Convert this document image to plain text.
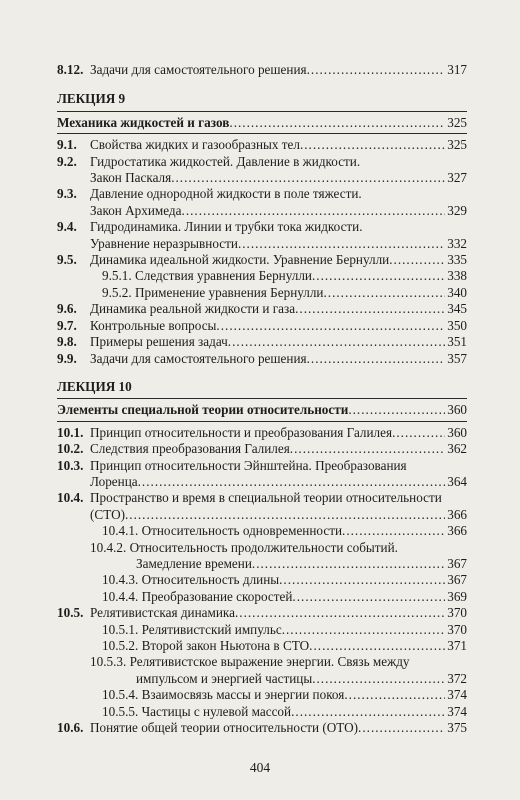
8.12. Задачи для самостоятельного решения .....	317
ЛЕКЦИЯ 9
Механика жидкостей и газов .....	325
9.1.	Свойства жидких и газообразных тел .....	325
9.2.	Гидростатика жидкостей. Давление в жидкости.
Закон Паскаля .....	327
9.3.	Давление однородной жидкости в поле тяжести.
Закон Архимеда .....	329
9.4.	Гидродинамика. Линии и трубки тока жидкости.
Уравнение неразрывности .....	332
9.5.	Динамика идеальной жидкости. Уравнение Бернулли .....	335
9.5.1. Следствия уравнения Бернулли .....	338
9.5.2. Применение уравнения Бернулли .....	340
9.6.	Динамика реальной жидкости и газа .....	345
9.7.	Контрольные вопросы .....	350
9.8.	Примеры решения задач .....	351
9.9.	Задачи для самостоятельного решения .....	357
ЛЕКЦИЯ 10
Элементы специальной теории относительности .....	360
10.1. Принцип относительности и преобразования Галилея .....	360
10.2. Следствия преобразования Галилея .....	362
10.3. Принцип относительности Эйнштейна. Преобразования
Лоренца .....	364
10.4. Пространство и время в специальной теории относительности
(СТО) .....	366
10.4.1. Относительность одновременности .....	366
10.4.2. Относительность продолжительности событий.
Замедление времени .....	367
10.4.3. Относительность длины .....	367
10.4.4. Преобразование скоростей .....	369
10.5. Релятивистская динамика .....	370
10.5.1. Релятивистский импульс .....	370
10.5.2. Второй закон Ньютона в СТО .....	371
10.5.3. Релятивистское выражение энергии. Связь между
импульсом и энергией частицы .....	372
10.5.4. Взаимосвязь массы и энергии покоя .....	374
10.5.5. Частицы с нулевой массой .....	374
10.6. Понятие общей теории относительности (ОТО) .....	375
404
